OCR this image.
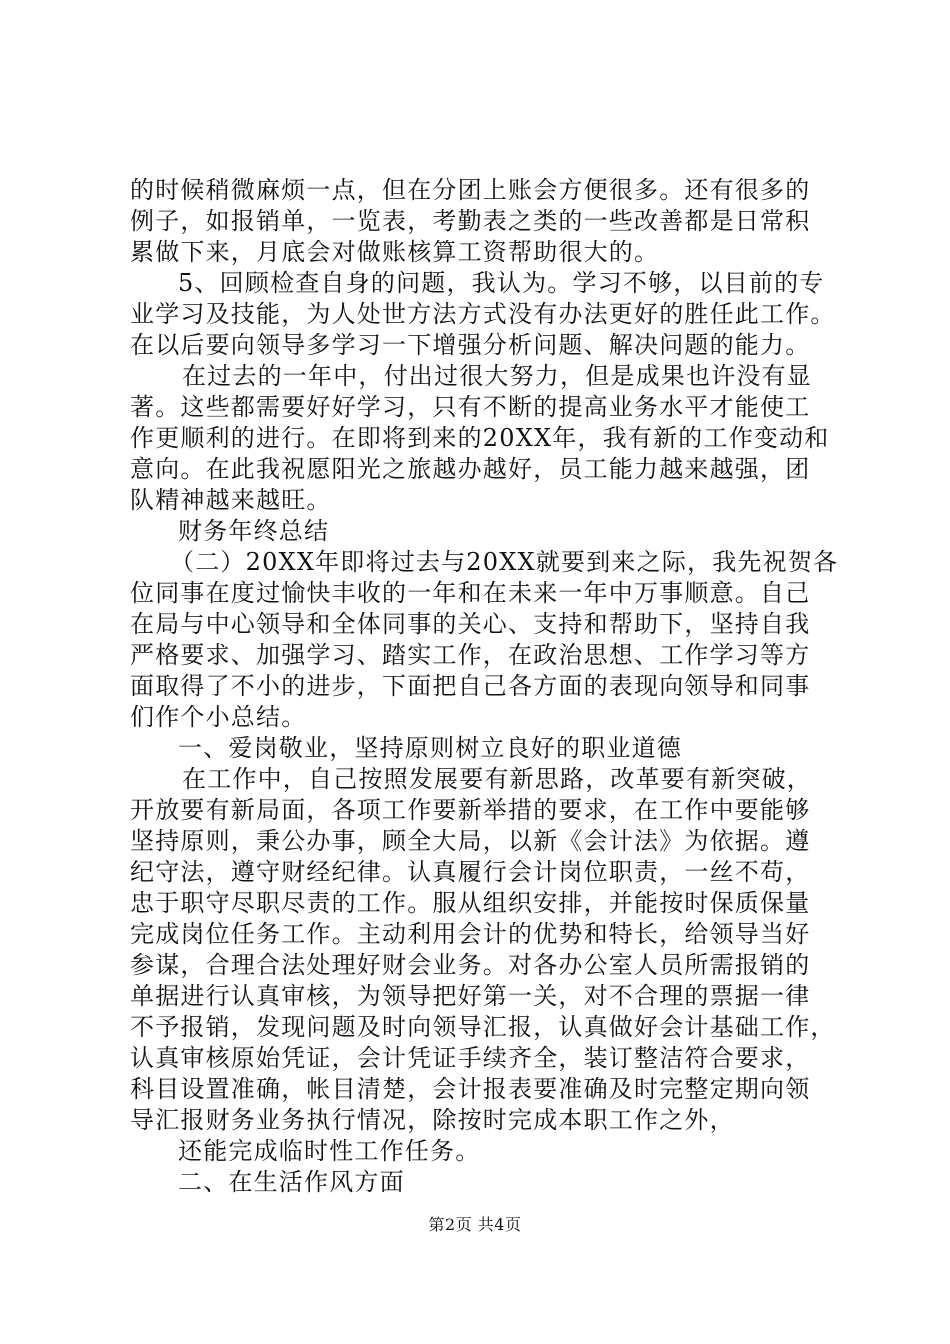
的时候稍微麻烦一点，但在分团上账会方便很多。还有很多的
例子，如报销单，一览表，考勤表之类的一些改善都是日常积
累做下来，月底会对做账核算工资帮助很大的。
5、回顾检查自身的问题，我认为。学习不够，以目前的专
业学习及技能，为人处世方法方式没有办法更好的胜任此工作。
在以后要向领导多学习一下增强分析问题、解决问题的能力。
在过去的一年中，付出过很大努力，但是成果也许没有显
著。这些都需要好好学习，只有不断的提高业务水平才能使工
作更顺利的进行。在即将到来的20XX年，我有新的工作变动和
意向。在此我祝愿阳光之旅越办越好，员工能力越来越强，团
队精神越来越旺。
财务年终总结
（二）20XX年即将过去与20XX就要到来之际，我先祝贺各
位同事在度过愉快丰收的一年和在未来一年中万事顺意。自己
在局与中心领导和全体同事的关心、支持和帮助下，坚持自我
严格要求、加强学习、踏实工作，在政治思想、工作学习等方
面取得了不小的进步，下面把自己各方面的表现向领导和同事
们作个小总结。
一、爱岗敬业，坚持原则树立良好的职业道德
在工作中，自己按照发展要有新思路，改革要有新突破，
开放要有新局面，各项工作要新举措的要求，在工作中要能够
坚持原则，秉公办事，顾全大局，以新《会计法》为依据。遵
纪守法，遵守财经纪律。认真履行会计岗位职责，一丝不苟，
忠于职守尽职尽责的工作。服从组织安排，并能按时保质保量
完成岗位任务工作。主动利用会计的优势和特长，给领导当好
参谋，合理合法处理好财会业务。对各办公室人员所需报销的
单据进行认真审核，为领导把好第一关，对不合理的票据一律
不予报销，发现问题及时向领导汇报，认真做好会计基础工作，
认真审核原始凭证，会计凭证手续齐全，装订整洁符合要求，
科目设置准确，帐目清楚，会计报表要准确及时完整定期向领
导汇报财务业务执行情况，除按时完成本职工作之外，
还能完成临时性工作任务。
二、在生活作风方面
第2页 共4页
